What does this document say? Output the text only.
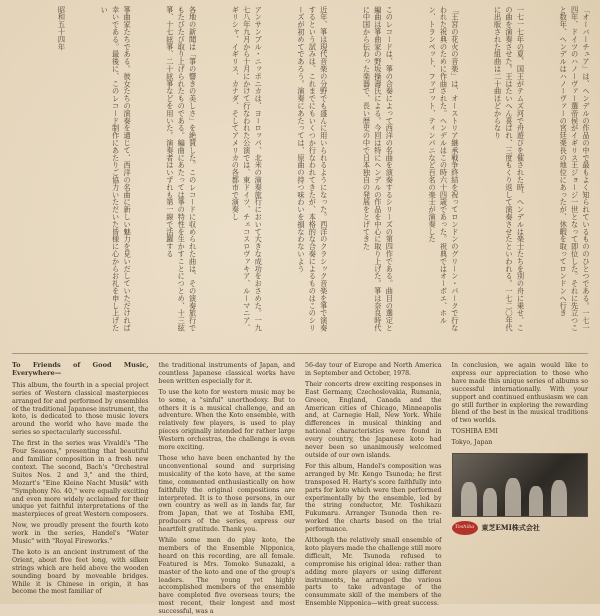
「オーバーチュア」は、ヘンデルの作品の中で最もよく知られているもののひとつである。一七一四年、ドイツのハノーヴァー選帝侯がイギリス王ジョージ一世となって即位した。それに先立つこと数年、ヘンデルはハノーヴァーの宮廷楽長の地位にあったが、休暇を取ってロンドンへ行き
一七一七年の夏、国王がテムズ河で舟遊びを催された時、ヘンデルは楽士たちを別の舟に乗せ、この曲を演奏させた。王はたいへん喜ばれ、三度もくり返して演奏させたといわれる。一七二〇年代に出版された組曲は二十曲ほどからなり
「王宮の花火の音楽」は、オーストリア継承戦争終結を祝ってロンドンのグリーン・パークで行なわれた祝典のために作曲された。ヘンデルはこの時六十四歳であった。祝典ではオーボエ、ホルン、トランペット、ファゴット、ティンパニなど百名の楽士が演奏した
このレコードは、箏の合奏によって西洋の名曲を演奏するシリーズの第四作である。曲目の選定と編曲は箏曲家の野坂操壽氏による。今回は特にヘンデルの作品を中心に取り上げた。箏は奈良時代に中国から伝わった楽器で、長い歴史の中で日本独自の発展をとげてきた
近年、箏は現代音楽の分野でも盛んに用いられるようになった。西洋のクラシック音楽を箏で演奏するという試みは、これまでにもいくつか行なわれてきたが、本格的な合奏によるものはこのシリーズが初めてであろう。演奏にあたっては、原曲の持つ味わいを損なわないよう
アンサンブル・ニッポニカは、ヨーロッパ、北米の演奏旅行において大きな成功をおさめた。一九七八年九月から十月にかけて行なわれた公演では、東ドイツ、チェコスロヴァキア、ルーマニア、ギリシャ、イギリス、カナダ、そしてアメリカの各都市で演奏し
各地の新聞は「箏の響きの美しさ」を絶賛した。このレコードに収められた曲は、その演奏旅行でもたびたび取り上げられたものである。編曲にあたっては箏の特性を生かすことにつとめ、十三絃箏、十七絃箏、二十絃箏などを用いた。演奏者はいずれも第一線で活躍する
箏曲家たちである。彼女たちの演奏を通じて、西洋の名曲に新しい魅力を見いだしていただければ幸いである。最後に、このレコード制作にあたりご協力いただいた皆様に心からお礼を申し上げたい
昭和五十四年

To Friends of Good Music, Everywhere—

This album, the fourth in a special project series of Western classical masterpieces arranged for and performed by ensembles of the traditional Japanese instrument, the koto, is dedicated to those music lovers around the world who have made the series so spectacularly successful.

The first in the series was Vivaldi's "The Four Seasons," presenting that beautiful and familiar composition in a fresh new context. The second, Bach's "Orchestral Suites Nos. 2 and 3," and the third, Mozart's "Eine Kleine Nacht Musik" with "Symphony No. 40," were equally exciting and even more widely acclaimed for their unique yet faithful interpretations of the masterpieces of great Western composers.

Now, we proudly present the fourth koto work in the series, Handel's "Water Music" with "Royal Fireworks."

The koto is an ancient instrument of the Orient, about five feet long, with silken strings which are held above the wooden sounding board by moveable bridges. While it is Chinese in origin, it has become the most familiar of

the traditional instruments of Japan, and countless Japanese classical works have been written especially for it.

To use the koto for western music may be to some, a "sinful" unorthodoxy. But to others it is a musical challenge, and an adventure. When the Koto ensemble, with relatively few players, is used to play pieces originally intended for rather large Western orchestras, the challenge is even more exciting.

Those who have been enchanted by the unconventional sound and surprising musicality of the koto have, at the same time, commented enthusiastically on how faithfully the original compositions are interpreted. It is to those persons, in our own country as well as in lands far, far from Japan, that we at Toshiba EMI, producers of the series, express our heartfelt gratitude. Thank you.

While some men do play koto, the members of the Ensemble Nipponica, heard on this recording, are all female. Featured is Mrs. Tomoko Sunazaki, a master of the koto and one of the group's leaders. The young yet highly accomplished members of the ensemble have completed five overseas tours; the most recent, their longest and most successful, was a

56-day tour of Europe and North America in September and October, 1978.

Their concerts drew exciting responses in East Germany, Czechoslovakia, Rumania, Greece, England, Canada and the American cities of Chicago, Minneapolis and, at Carnegie Hall, New York. While differences in musical thinking and national characteristics were found in every country, the Japanese koto had never been so unanimously welcomed outside of our own islands.

For this album, Handel's composition was arranged by Mr. Kengo Tsunoda; he first transposed H. Harty's score faithfully into parts for koto which were then performed experimentally by the ensemble, led by the string conductor, Mr. Toshikazu Fukumaru. Arranger Tsunoda then re-worked the charts based on the trial performance.

Although the relatively small ensemble of koto players made the challenge still more difficult, Mr. Tsunoda refused to compromise his original idea: rather than adding more players or using different instruments, he arranged the various parts to take advantage of the consummate skill of the members of the Ensemble Nipponica—with great success.

In conclusion, we again would like to express our appreciation to those who have made this unique series of albums so successful internationally. With your support and continued enthusiasm we can go still further in exploring the rewarding blend of the best in the musical traditions of two worlds.

TOSHIBA EMI

Tokyo, Japan

Toshiba	東芝EMI株式会社
